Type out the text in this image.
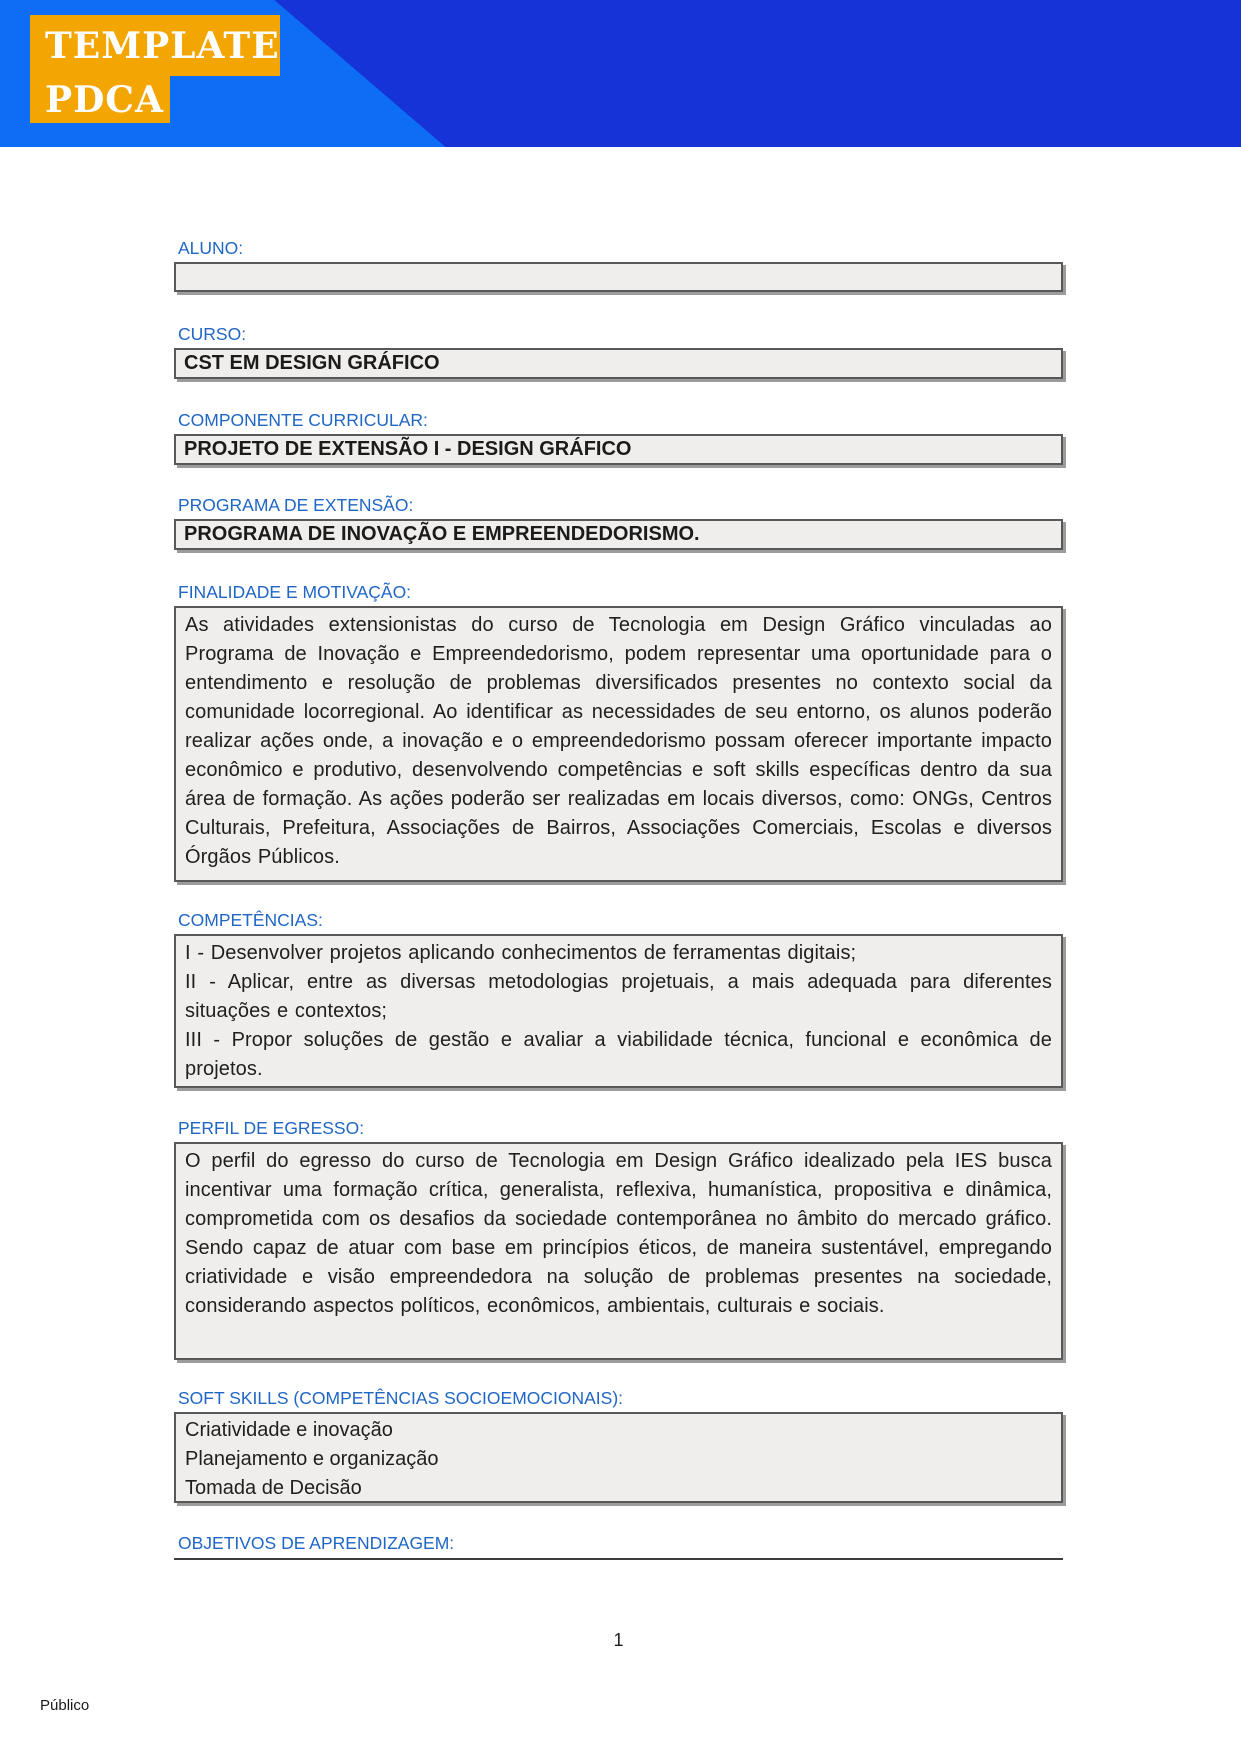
TEMPLATE
PDCA
ALUNO:
CURSO:
CST EM DESIGN GRÁFICO
COMPONENTE CURRICULAR:
PROJETO DE EXTENSÃO I - DESIGN GRÁFICO
PROGRAMA DE EXTENSÃO:
PROGRAMA DE INOVAÇÃO E EMPREENDEDORISMO.
FINALIDADE E MOTIVAÇÃO:

As atividades extensionistas do curso de Tecnologia em Design Gráfico vinculadas ao Programa de Inovação e Empreendedorismo, podem representar uma oportunidade para o entendimento e resolução de problemas diversificados presentes no contexto social da comunidade locorregional. Ao identificar as necessidades de seu entorno, os alunos poderão realizar ações onde, a inovação e o empreendedorismo possam oferecer importante impacto econômico e produtivo, desenvolvendo competências e soft skills específicas dentro da sua área de formação. As ações poderão ser realizadas em locais diversos, como: ONGs, Centros Culturais, Prefeitura, Associações de Bairros, Associações Comerciais, Escolas e diversos Órgãos Públicos.

COMPETÊNCIAS:

I - Desenvolver projetos aplicando conhecimentos de ferramentas digitais;

II - Aplicar, entre as diversas metodologias projetuais, a mais adequada para diferentes situações e contextos;

III - Propor soluções de gestão e avaliar a viabilidade técnica, funcional e econômica de projetos.

PERFIL DE EGRESSO:

O perfil do egresso do curso de Tecnologia em Design Gráfico idealizado pela IES busca incentivar uma formação crítica, generalista, reflexiva, humanística, propositiva e dinâmica, comprometida com os desafios da sociedade contemporânea no âmbito do mercado gráfico. Sendo capaz de atuar com base em princípios éticos, de maneira sustentável, empregando criatividade e visão empreendedora na solução de problemas presentes na sociedade, considerando aspectos políticos, econômicos, ambientais, culturais e sociais.

SOFT SKILLS (COMPETÊNCIAS SOCIOEMOCIONAIS):
Criatividade e inovação
Planejamento e organização
Tomada de Decisão
OBJETIVOS DE APRENDIZAGEM:
1
Público
